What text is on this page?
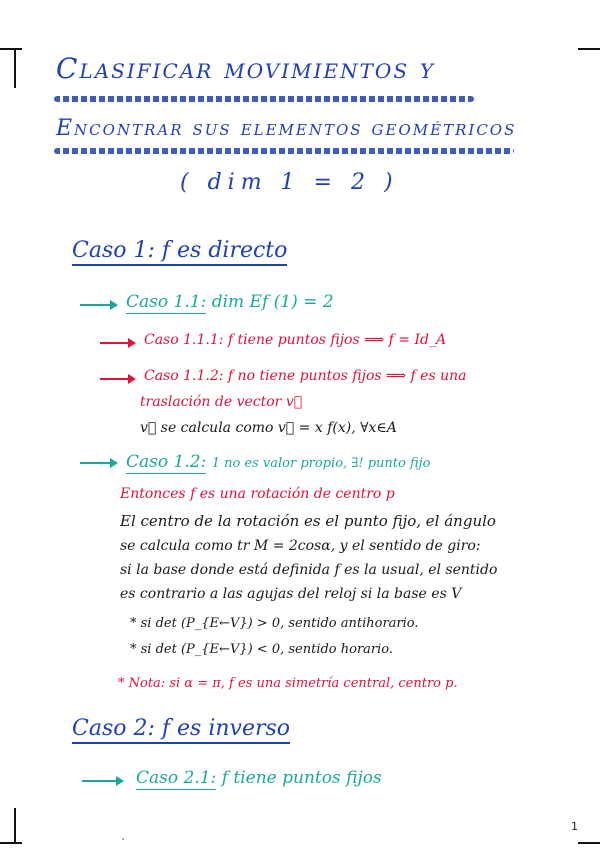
Clasificar movimientos y
Encontrar sus elementos geométricos
( dim 1 = 2 )
Caso 1: f es directo
Caso 1.1: dim Ef (1) = 2
Caso 1.1.1: f tiene puntos fijos ⟹ f = Id_A
Caso 1.1.2: f no tiene puntos fijos ⟹ f es una
traslación de vector v⃗
v⃗ se calcula como v⃗ = x f(x), ∀x∈A
Caso 1.2: 1 no es valor propio, ∃! punto fijo
Entonces f es una rotación de centro p
El centro de la rotación es el punto fijo, el ángulo
se calcula como tr M = 2cosα, y el sentido de giro:
si la base donde está definida f es la usual, el sentido
es contrario a las agujas del reloj si la base es V
* si det (P_{E←V}) > 0, sentido antihorario.
* si det (P_{E←V}) < 0, sentido horario.
* Nota: si α = π, f es una simetría central, centro p.
Caso 2: f es inverso
Caso 2.1: f tiene puntos fijos
1
